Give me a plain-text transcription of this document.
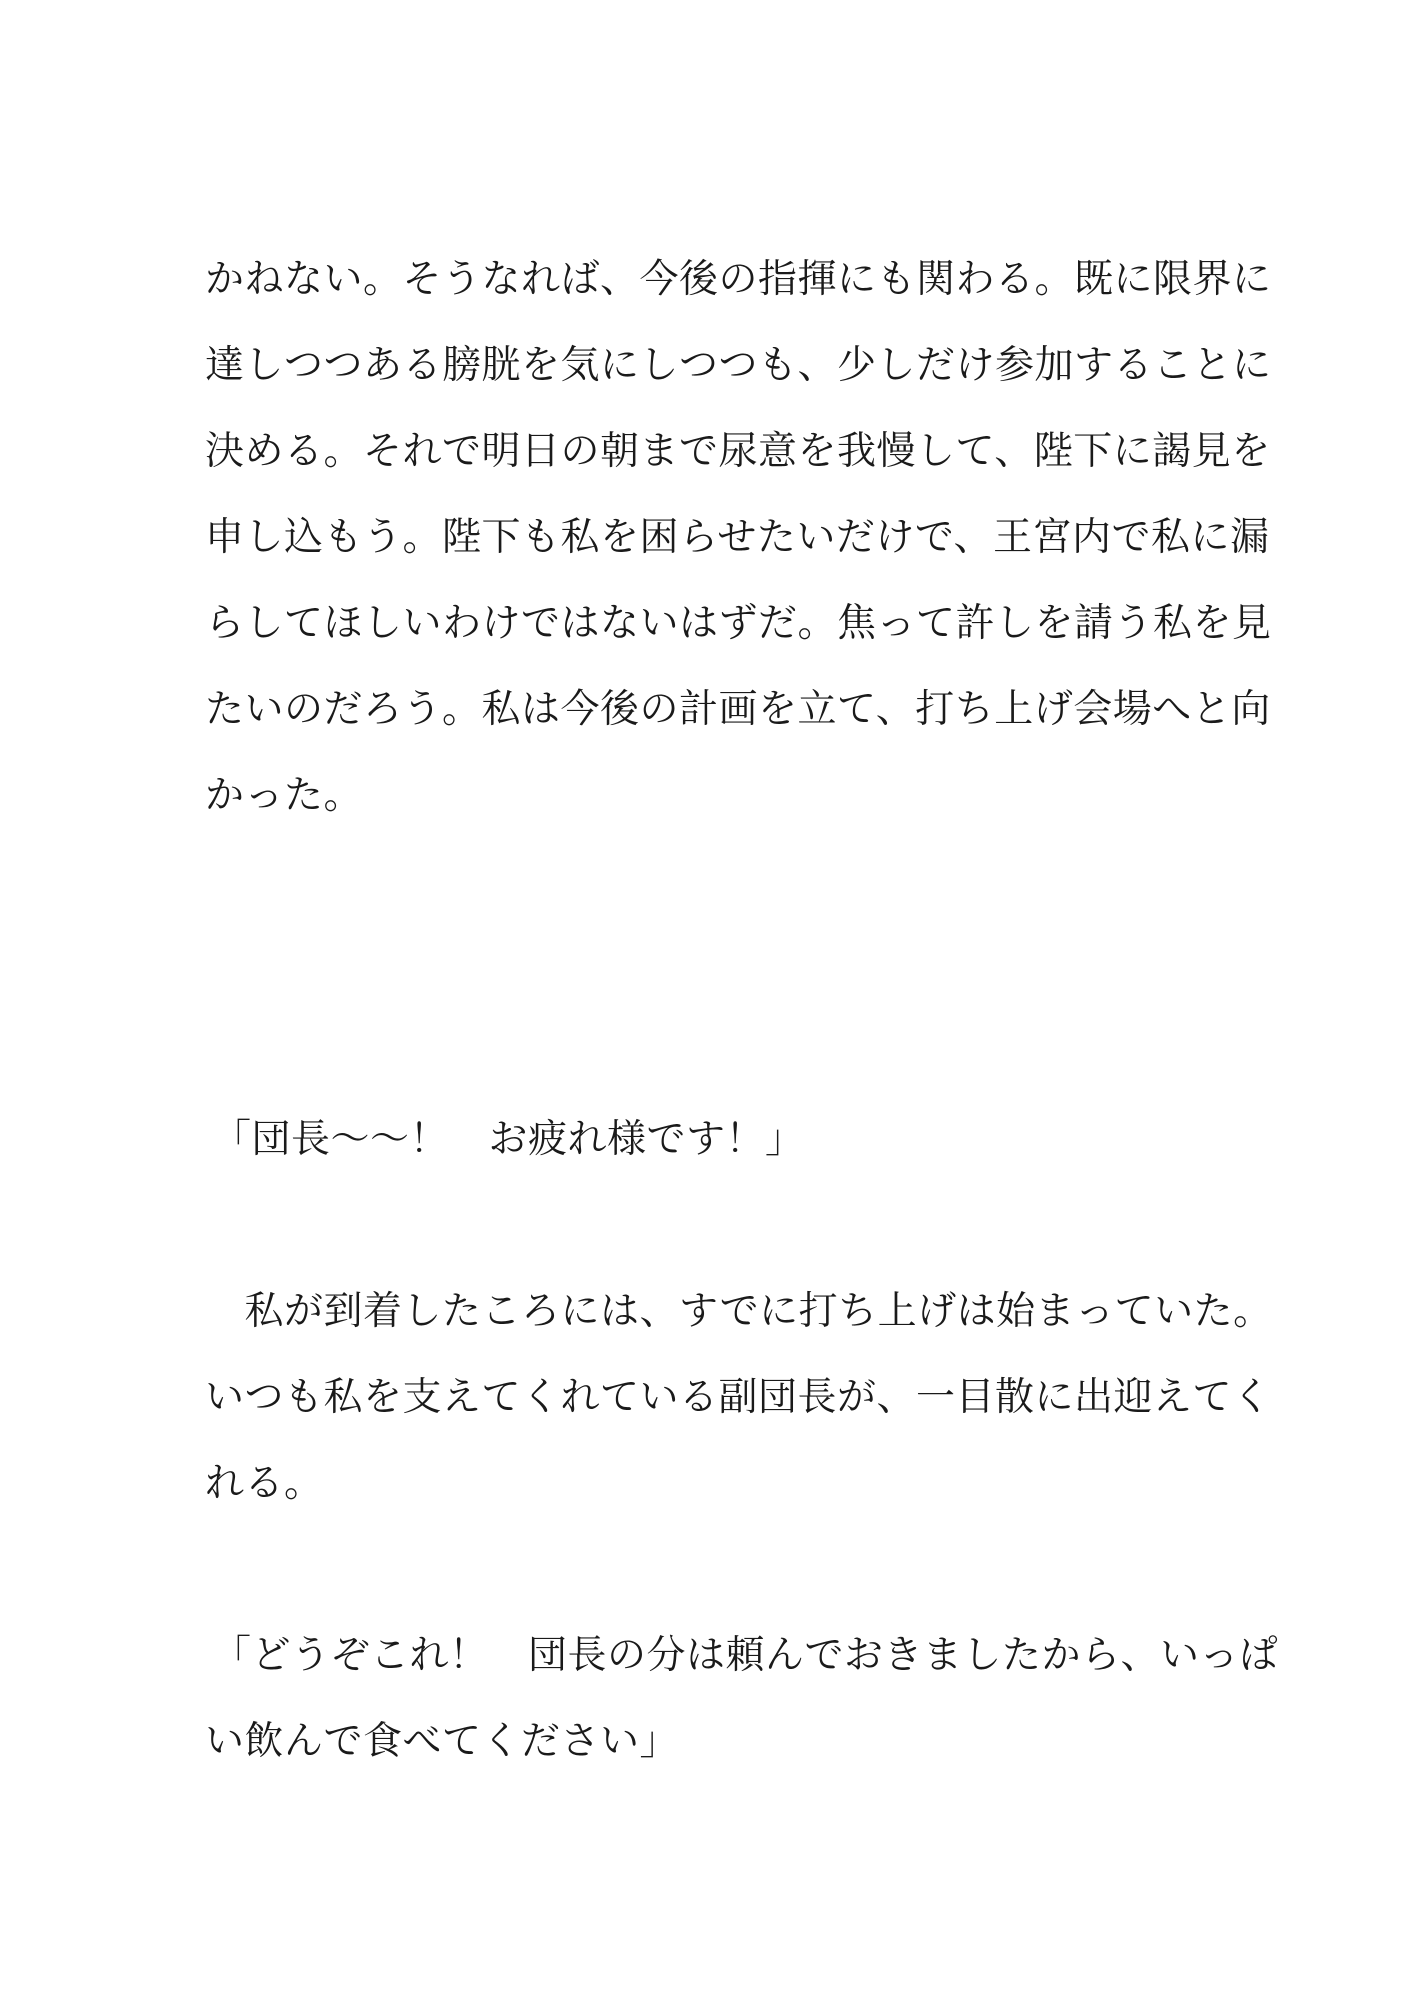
かねない。そうなれば、今後の指揮にも関わる。既に限界に
達しつつある膀胱を気にしつつも、少しだけ参加することに
決める。それで明日の朝まで尿意を我慢して、陛下に謁見を
申し込もう。陛下も私を困らせたいだけで、王宮内で私に漏
らしてほしいわけではないはずだ。焦って許しを請う私を見
たいのだろう。私は今後の計画を立て、打ち上げ会場へと向
かった。
「団長〜〜！　お疲れ様です！」
　私が到着したころには、すでに打ち上げは始まっていた。
いつも私を支えてくれている副団長が、一目散に出迎えてく
れる。
「どうぞこれ！　団長の分は頼んでおきましたから、いっぱ
い飲んで食べてください」
